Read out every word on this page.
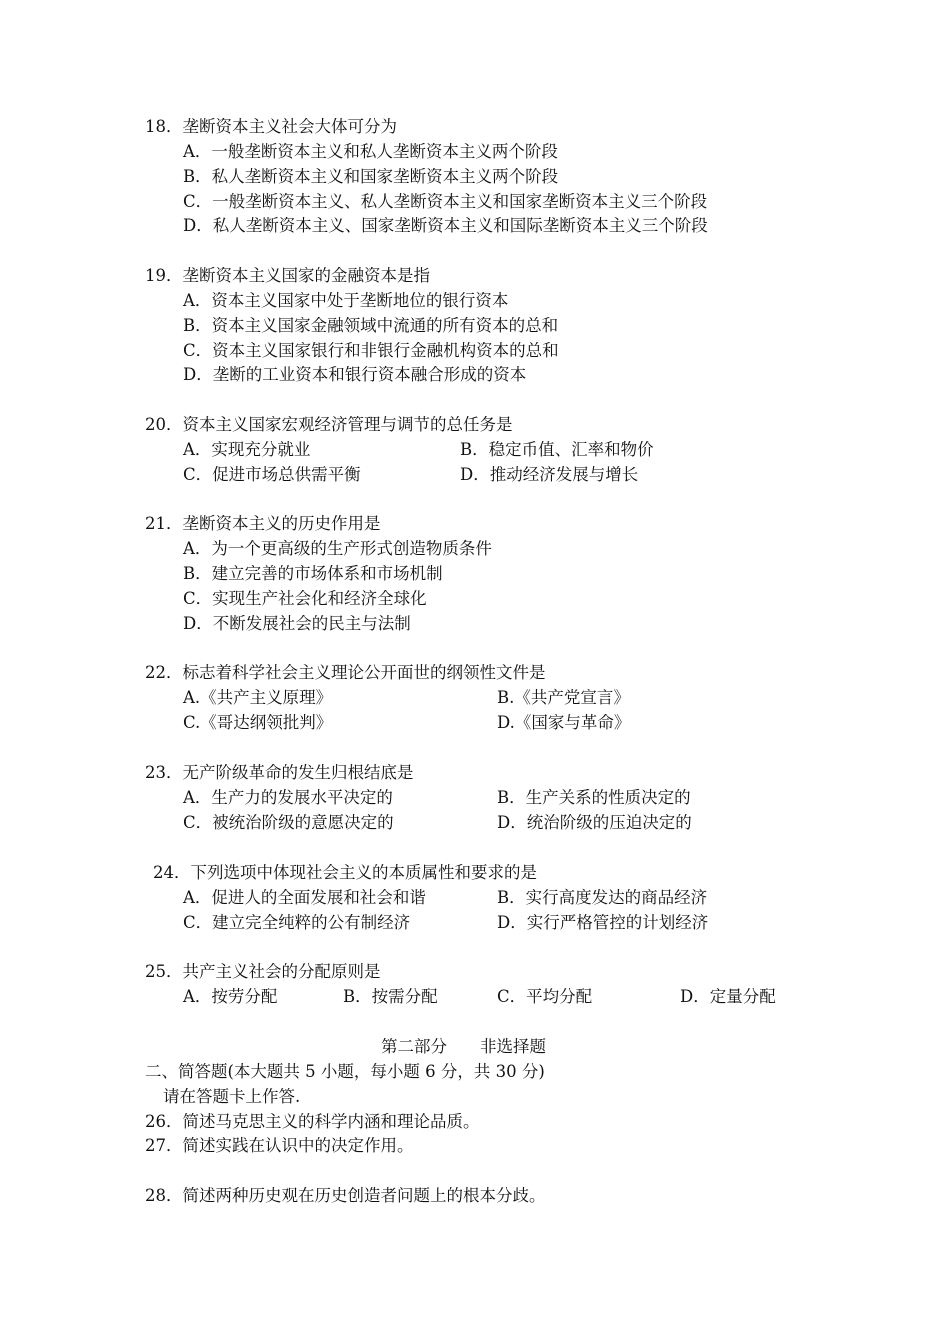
18．垄断资本主义社会大体可分为
A．一般垄断资本主义和私人垄断资本主义两个阶段
B．私人垄断资本主义和国家垄断资本主义两个阶段
C．一般垄断资本主义、私人垄断资本主义和国家垄断资本主义三个阶段
D．私人垄断资本主义、国家垄断资本主义和国际垄断资本主义三个阶段
19．垄断资本主义国家的金融资本是指
A．资本主义国家中处于垄断地位的银行资本
B．资本主义国家金融领域中流通的所有资本的总和
C．资本主义国家银行和非银行金融机构资本的总和
D．垄断的工业资本和银行资本融合形成的资本
20．资本主义国家宏观经济管理与调节的总任务是
A．实现充分就业	B．稳定币值、汇率和物价
C．促进市场总供需平衡	D．推动经济发展与增长
21．垄断资本主义的历史作用是
A．为一个更高级的生产形式创造物质条件
B．建立完善的市场体系和市场机制
C．实现生产社会化和经济全球化
D．不断发展社会的民主与法制
22．标志着科学社会主义理论公开面世的纲领性文件是
A.《共产主义原理》	B.《共产党宣言》
C.《哥达纲领批判》	D.《国家与革命》
23．无产阶级革命的发生归根结底是
A．生产力的发展水平决定的	B．生产关系的性质决定的
C．被统治阶级的意愿决定的	D．统治阶级的压迫决定的
24．下列选项中体现社会主义的本质属性和要求的是
A．促进人的全面发展和社会和谐	B．实行高度发达的商品经济
C．建立完全纯粹的公有制经济	D．实行严格管控的计划经济
25．共产主义社会的分配原则是
A．按劳分配	B．按需分配	C．平均分配	D．定量分配
第二部分　　非选择题
二、简答题(本大题共 5 小题，每小题 6 分，共 30 分)
请在答题卡上作答.
26．简述马克思主义的科学内涵和理论品质。
27．简述实践在认识中的决定作用。
28．简述两种历史观在历史创造者问题上的根本分歧。
